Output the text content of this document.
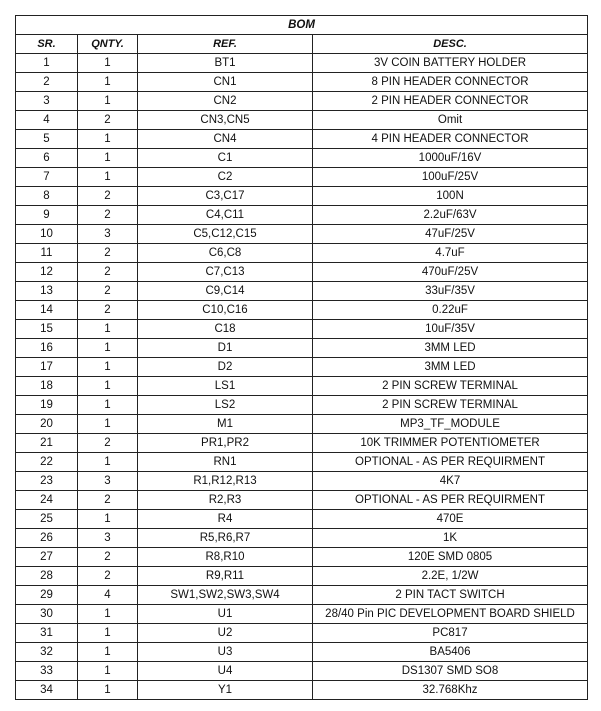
BOM			
SR.	QNTY.	REF.	DESC.
1	1	BT1	3V COIN BATTERY HOLDER
2	1	CN1	8 PIN HEADER CONNECTOR
3	1	CN2	2 PIN HEADER CONNECTOR
4	2	CN3,CN5	Omit
5	1	CN4	4 PIN HEADER CONNECTOR
6	1	C1	1000uF/16V
7	1	C2	100uF/25V
8	2	C3,C17	100N
9	2	C4,C11	2.2uF/63V
10	3	C5,C12,C15	47uF/25V
11	2	C6,C8	4.7uF
12	2	C7,C13	470uF/25V
13	2	C9,C14	33uF/35V
14	2	C10,C16	0.22uF
15	1	C18	10uF/35V
16	1	D1	3MM LED
17	1	D2	3MM LED
18	1	LS1	2 PIN SCREW TERMINAL
19	1	LS2	2 PIN SCREW TERMINAL
20	1	M1	MP3_TF_MODULE
21	2	PR1,PR2	10K TRIMMER POTENTIOMETER
22	1	RN1	OPTIONAL - AS PER REQUIRMENT
23	3	R1,R12,R13	4K7
24	2	R2,R3	OPTIONAL - AS PER REQUIRMENT
25	1	R4	470E
26	3	R5,R6,R7	1K
27	2	R8,R10	120E SMD 0805
28	2	R9,R11	2.2E, 1/2W
29	4	SW1,SW2,SW3,SW4	2 PIN TACT SWITCH
30	1	U1	28/40 Pin PIC DEVELOPMENT BOARD SHIELD
31	1	U2	PC817
32	1	U3	BA5406
33	1	U4	DS1307 SMD SO8
34	1	Y1	32.768Khz
